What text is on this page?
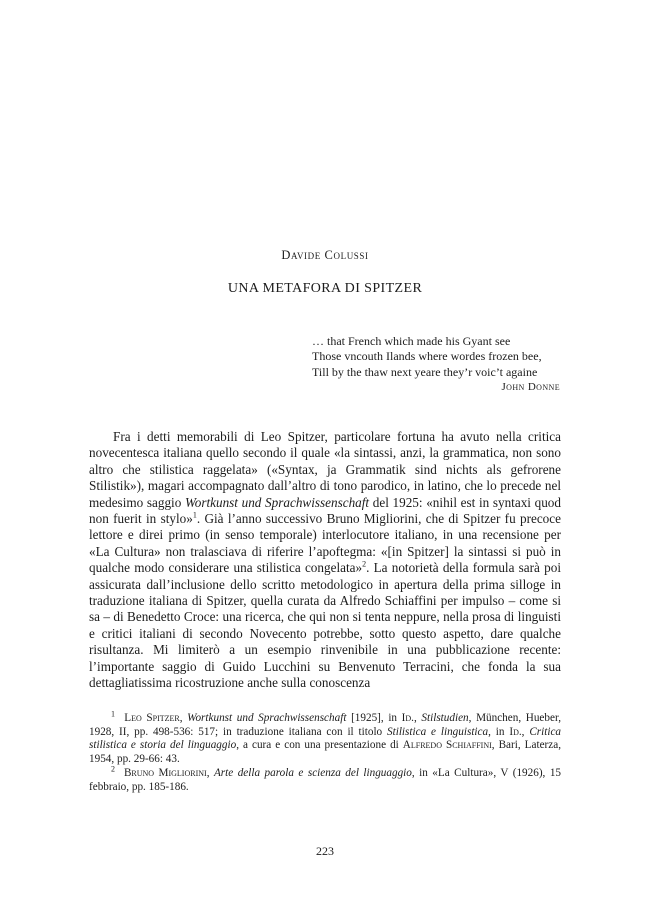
Davide Colussi
UNA METAFORA DI SPITZER
… that French which made his Gyant see
Those vncouth Ilands where wordes frozen bee,
Till by the thaw next yeare they’r voic’t againe
John Donne

Fra i detti memorabili di Leo Spitzer, particolare fortuna ha avuto nella critica novecentesca italiana quello secondo il quale «la sintassi, anzi, la grammatica, non sono altro che stilistica raggelata» («Syntax, ja Grammatik sind nichts als gefrorene Stilistik»), magari accompagnato dall’altro di tono parodico, in latino, che lo precede nel medesimo saggio Wortkunst und Sprachwissenschaft del 1925: «nihil est in syntaxi quod non fuerit in stylo»$^1$. Già l’anno successivo Bruno Migliorini, che di Spitzer fu precoce lettore e direi primo (in senso temporale) interlocutore italiano, in una recensione per «La Cultura» non tralasciava di riferire l’apoftegma: «[in Spitzer] la sintassi si può in qualche modo considerare una stilistica congelata»$^2$. La notorietà della formula sarà poi assicurata dall’inclusione dello scritto metodologico in apertura della prima silloge in traduzione italiana di Spitzer, quella curata da Alfredo Schiaffini per impulso – come si sa – di Benedetto Croce: una ricerca, che qui non si tenta neppure, nella prosa di linguisti e critici italiani di secondo Novecento potrebbe, sotto questo aspetto, dare qualche risultanza. Mi limiterò a un esempio rinvenibile in una pubblicazione recente: l’importante saggio di Guido Lucchini su Benvenuto Terracini, che fonda la sua dettagliatissima ricostruzione anche sulla conoscenza

$^1$ Leo Spitzer, Wortkunst und Sprachwissenschaft [1925], in Id., Stilstudien, München, Hueber, 1928, II, pp. 498-536: 517; in traduzione italiana con il titolo Stilistica e linguistica, in Id., Critica stilistica e storia del linguaggio, a cura e con una presentazione di Alfredo Schiaffini, Bari, Laterza, 1954, pp. 29-66: 43.

$^2$ Bruno Migliorini, Arte della parola e scienza del linguaggio, in «La Cultura», V (1926), 15 febbraio, pp. 185-186.

223
